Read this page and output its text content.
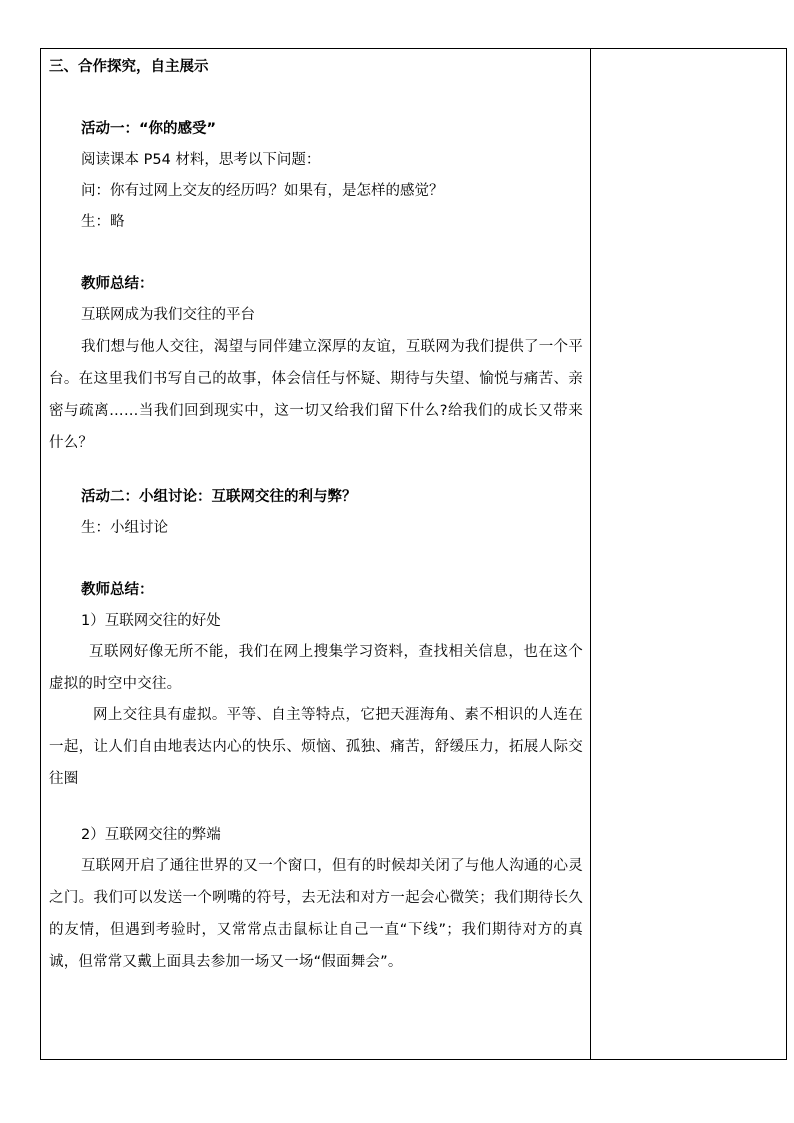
三、合作探究，自主展示
活动一：“你的感受”
阅读课本 P54 材料，思考以下问题：
问：你有过网上交友的经历吗？如果有，是怎样的感觉？
生：略
教师总结：
互联网成为我们交往的平台
我们想与他人交往，渴望与同伴建立深厚的友谊，互联网为我们提供了一个平台。在这里我们书写自己的故事，体会信任与怀疑、期待与失望、愉悦与痛苦、亲密与疏离……当我们回到现实中，这一切又给我们留下什么?给我们的成长又带来什么？
活动二：小组讨论：互联网交往的利与弊？
生：小组讨论
教师总结：
1）互联网交往的好处
互联网好像无所不能，我们在网上搜集学习资料，查找相关信息，也在这个虚拟的时空中交往。
网上交往具有虚拟。平等、自主等特点，它把天涯海角、素不相识的人连在一起，让人们自由地表达内心的快乐、烦恼、孤独、痛苦，舒缓压力，拓展人际交往圈
2）互联网交往的弊端
互联网开启了通往世界的又一个窗口，但有的时候却关闭了与他人沟通的心灵之门。我们可以发送一个咧嘴的符号，去无法和对方一起会心微笑；我们期待长久的友情，但遇到考验时，又常常点击鼠标让自己一直“下线”；我们期待对方的真诚，但常常又戴上面具去参加一场又一场“假面舞会”。
